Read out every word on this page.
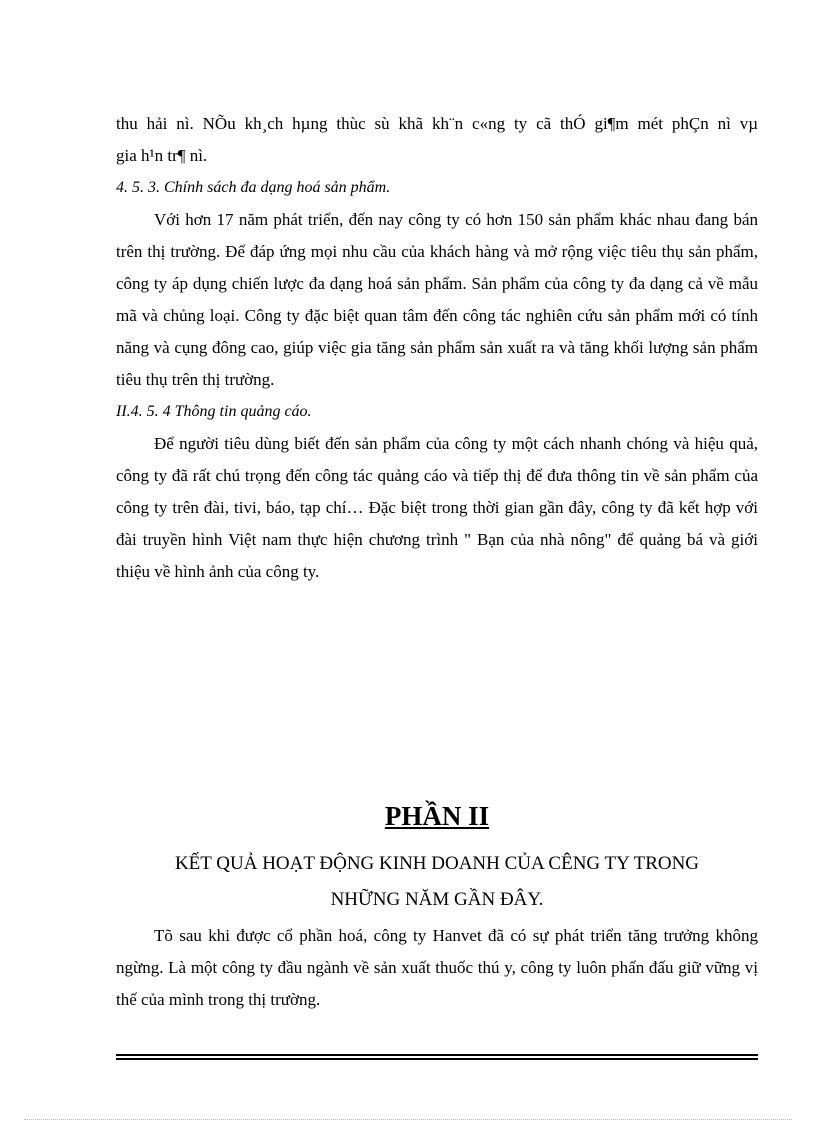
thu hải nì. NÕu kh¸ch hµng thùc sù khã kh¨n c«ng ty cã thÓ gi¶m mét phÇn nì vµ

gia h¹n tr¶ nì.

4. 5. 3. Chính sách đa dạng hoá sản phẩm.

Với hơn 17 năm phát triển, đến nay công ty có hơn 150 sản phẩm khác nhau đang bán trên thị trường. Để đáp ứng mọi nhu cầu của khách hàng và mở rộng việc tiêu thụ sản phẩm, công ty áp dụng chiến lược đa dạng hoá sản phẩm. Sản phẩm của công ty đa dạng cả về mẫu mã và chủng loại. Công ty đặc biệt quan tâm đến công tác nghiên cứu sản phẩm mới có tính năng và cụng đông cao, giúp việc gia tăng sản phẩm sản xuất ra và tăng khối lượng sản phẩm tiêu thụ trên thị trường.

II.4. 5. 4 Thông tin quảng cáo.

Để người tiêu dùng biết đến sản phẩm của công ty một cách nhanh chóng và hiệu quả, công ty đã rất chú trọng đến công tác quảng cáo và tiếp thị để đưa thông tin về sản phẩm của công ty trên đài, tivi, báo, tạp chí… Đặc biệt trong thời gian gần đây, công ty đã kết hợp với đài truyền hình Việt nam thực hiện chương trình " Bạn của nhà nông" để quảng bá và giới thiệu về hình ảnh của công ty.

PHẦN II
KẾT QUẢ HOẠT ĐỘNG KINH DOANH CỦA CÊNG TY TRONG
NHỮNG NĂM GẦN ĐÂY.

Tõ sau khi được cổ phần hoá, công ty Hanvet đã có sự phát triển tăng trưởng không ngừng. Là một công ty đầu ngành về sản xuất thuốc thú y, công ty luôn phấn đấu giữ vững vị thế của mình trong thị trường.
